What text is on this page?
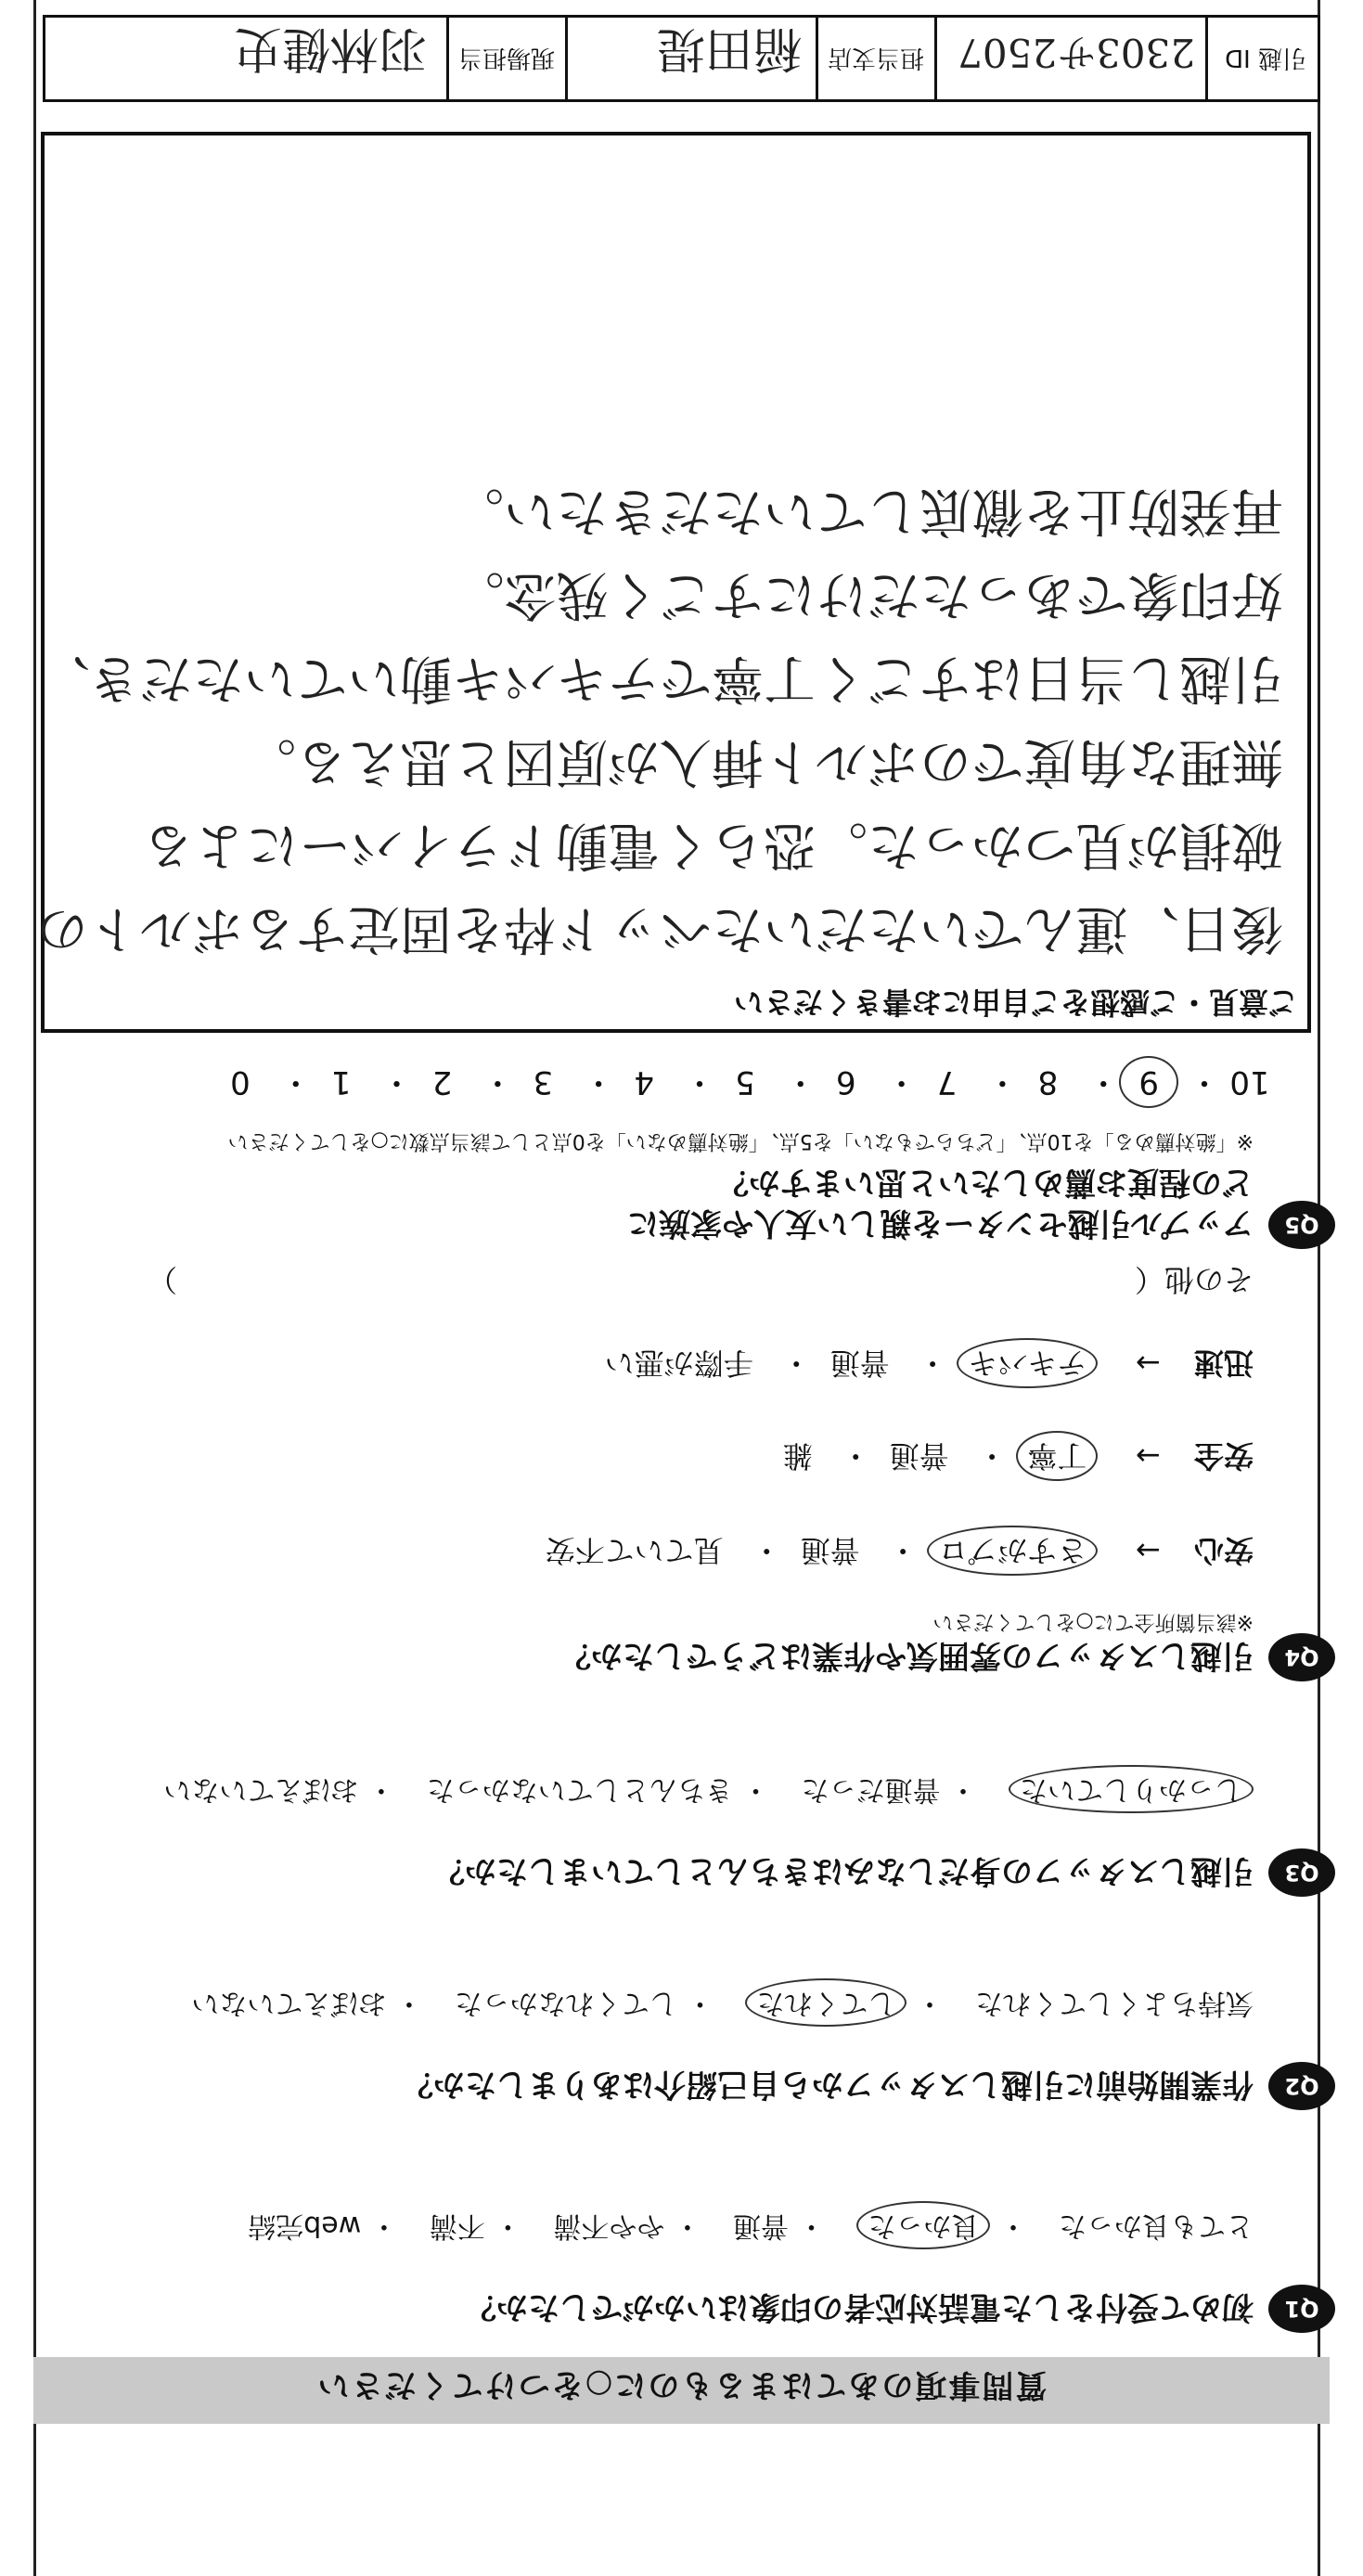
質問事項のあてはまるものに○をつけてください
Q1
初めて受付をした電話対応者の印象はいかがでしたか？
とても良かった・ 良かった・ 普通・ やや不満・ 不満・ web完結
Q2
作業開始前に引越しスタッフから自己紹介はありましたか？
気持ちよくしてくれた・ してくれた・ してくれなかった・ おぼえていない
Q3
引越しスタッフの身だしなみはきちんとしていましたか？
しっかりしていた・ 普通だった・ きちんとしていなかった・ おぼえていない
Q4
引越しスタッフの雰囲気や作業はどうでしたか？
※該当箇所全てに○をしてください
安心 →    さすがプロ ・   普通  ・   見ていて不安
安全 →    丁寧 ・   普通  ・   雑
迅速 →    テキパキ ・   普通  ・   手際が悪い
その他（
）
Q5
アップル引越センターを親しい友人や家族に
どの程度お薦めしたいと思いますか？
※「絶対薦める」を10点、「どちらでもない」を5点、「絶対薦めない」を0点として該当点数に○をしてください
10・ 9・ 8・ 7・ 6・ 5・ 4・ 3・ 2・ 1・ 0
ご意見・ご感想をご自由にお書きください
後日、運んでいただいたベッド枠を固定するボルトの
破損が見つかった。恐らく電動ドライバーによる
無理な角度でのボルト挿入が原因と思える。
引越し当日はすごく丁寧でテキパキ動いていただき、
好印象であっただけにすごく残念。
再発防止を徹底していただきたい。
引越 ID
2303サ2507
担当支店
稲田堤
現場担当
羽林健史
